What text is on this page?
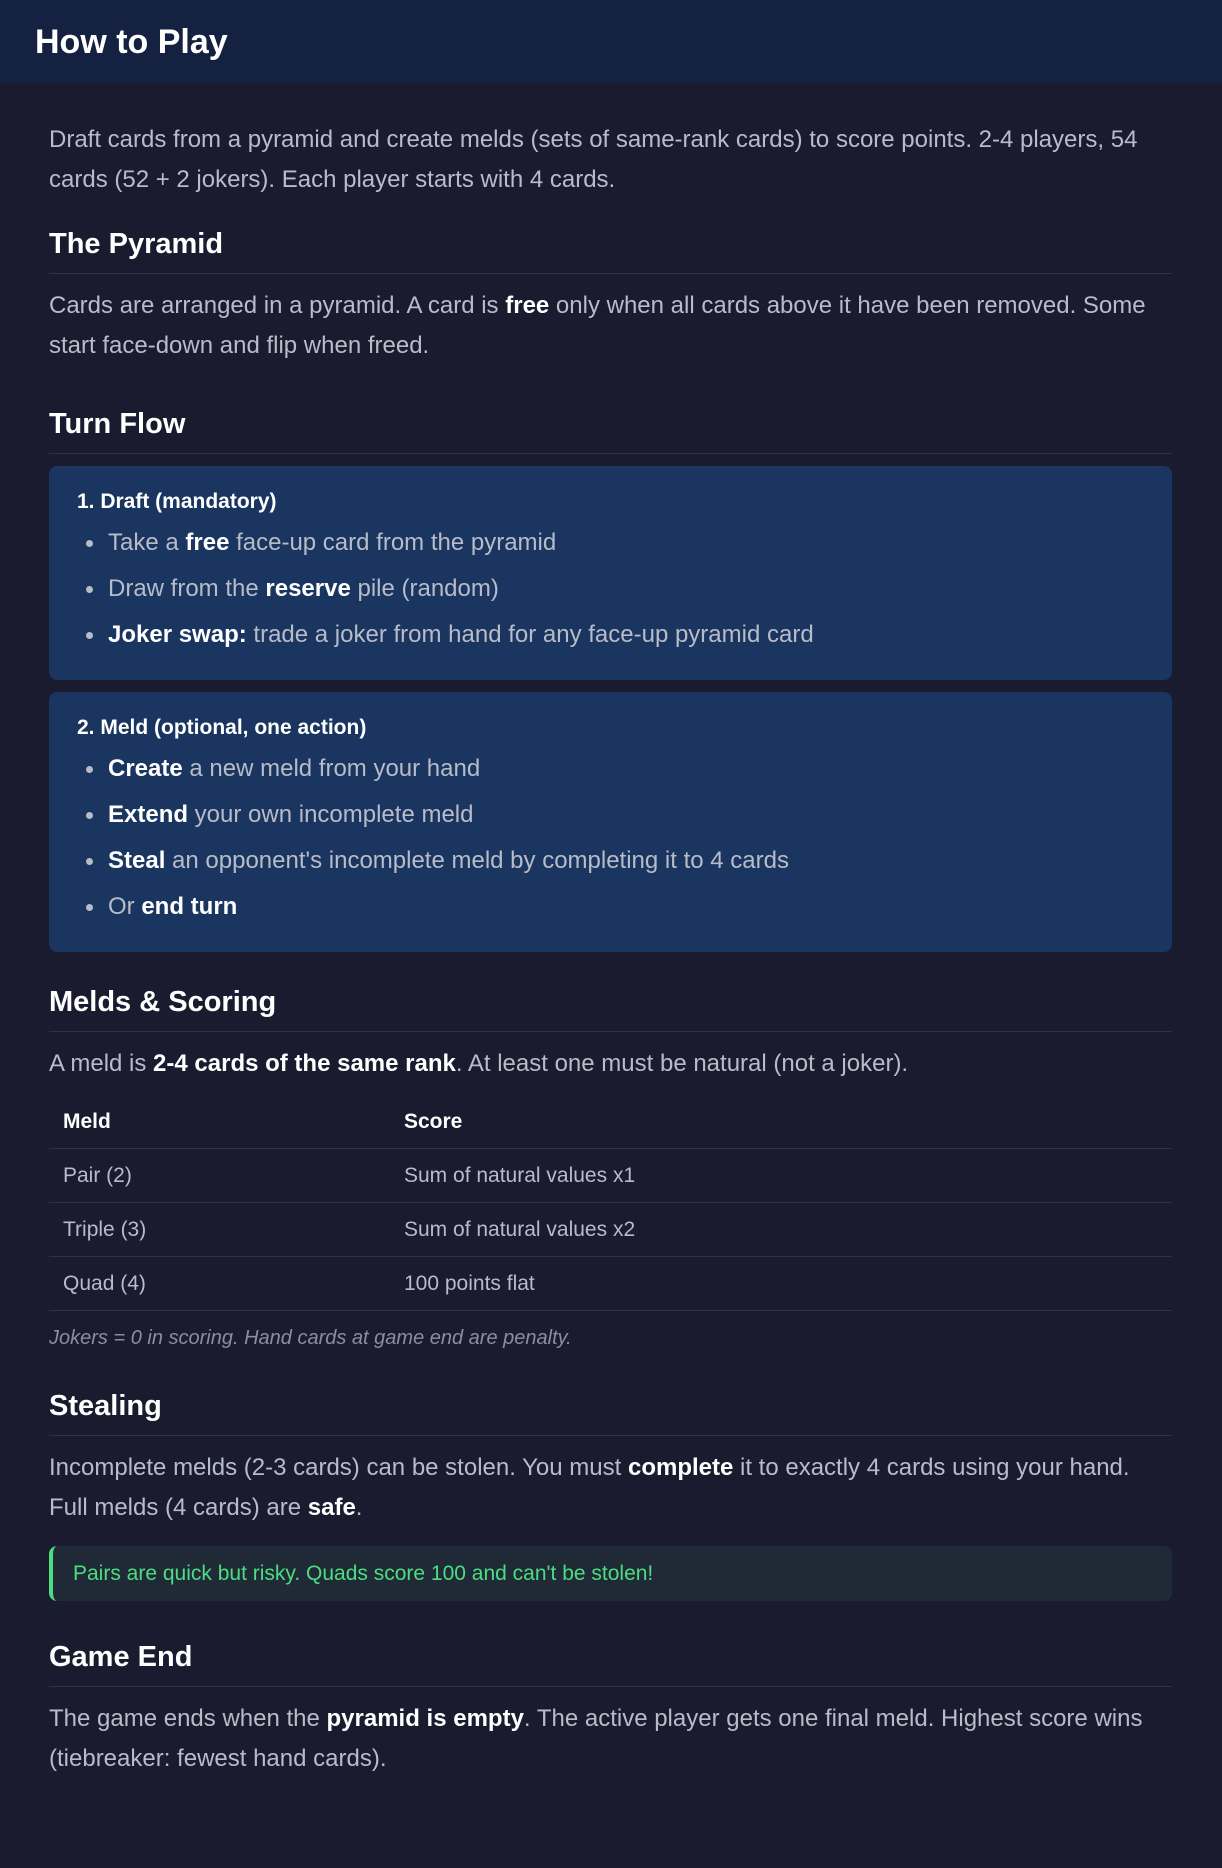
How to Play

Draft cards from a pyramid and create melds (sets of same-rank cards) to score points. 2-4 players, 54 cards (52 + 2 jokers). Each player starts with 4 cards.

The Pyramid

Cards are arranged in a pyramid. A card is free only when all cards above it have been removed. Some start face-down and flip when freed.

Turn Flow
1. Draft (mandatory)
Take a free face-up card from the pyramid
Draw from the reserve pile (random)
Joker swap: trade a joker from hand for any face-up pyramid card
2. Meld (optional, one action)
Create a new meld from your hand
Extend your own incomplete meld
Steal an opponent's incomplete meld by completing it to 4 cards
Or end turn
Melds & Scoring

A meld is 2-4 cards of the same rank. At least one must be natural (not a joker).

Meld	Score
Pair (2)	Sum of natural values x1
Triple (3)	Sum of natural values x2
Quad (4)	100 points flat

Jokers = 0 in scoring. Hand cards at game end are penalty.

Stealing

Incomplete melds (2-3 cards) can be stolen. You must complete it to exactly 4 cards using your hand. Full melds (4 cards) are safe.

Pairs are quick but risky. Quads score 100 and can't be stolen!
Game End

The game ends when the pyramid is empty. The active player gets one final meld. Highest score wins (tiebreaker: fewest hand cards).
